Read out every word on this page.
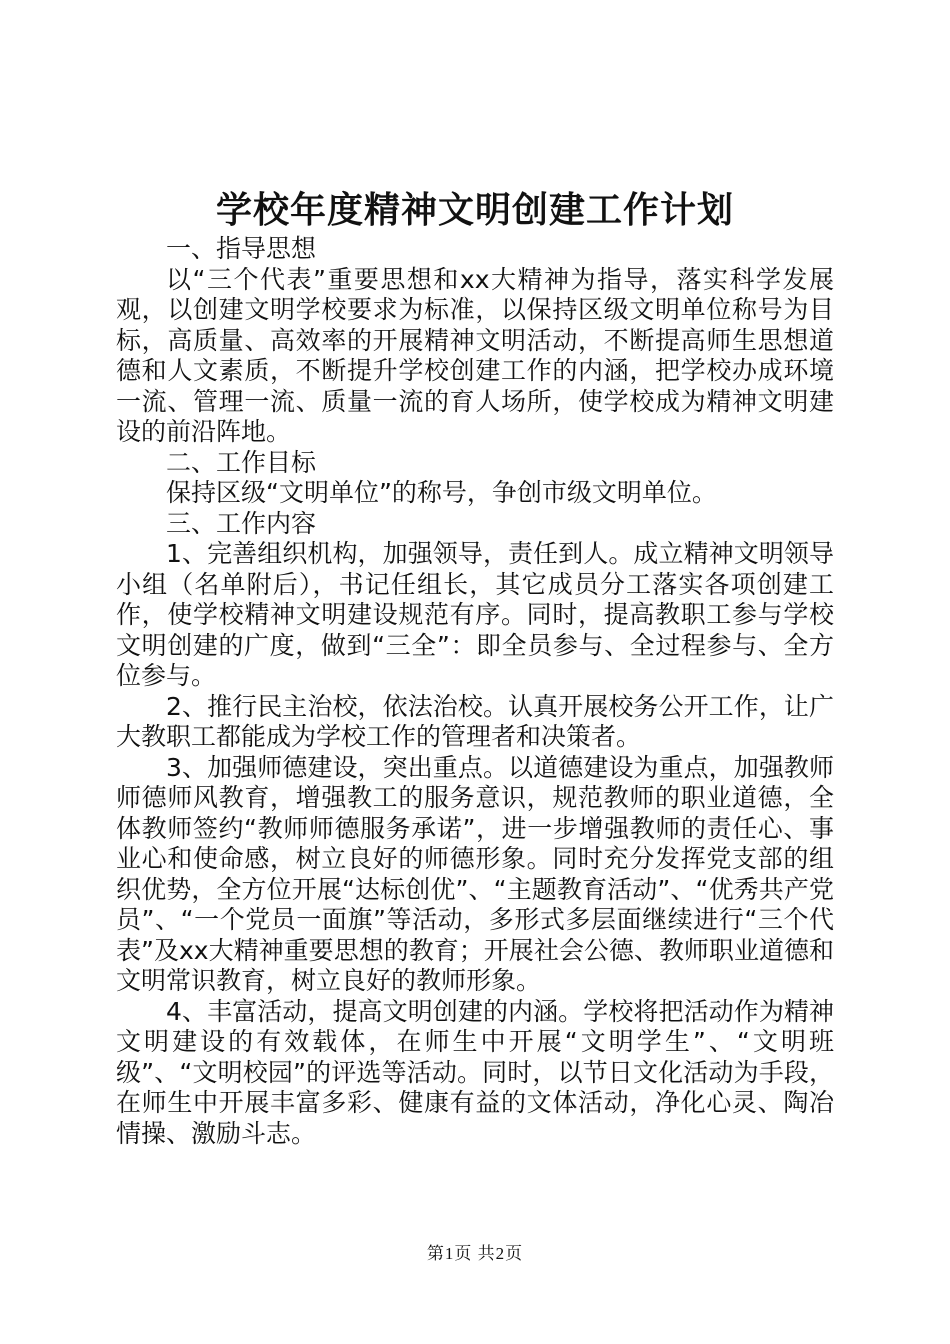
学校年度精神文明创建工作计划

一、指导思想

以“三个代表”重要思想和xx大精神为指导，落实科学发展观，以创建文明学校要求为标准，以保持区级文明单位称号为目标，高质量、高效率的开展精神文明活动，不断提高师生思想道德和人文素质，不断提升学校创建工作的内涵，把学校办成环境一流、管理一流、质量一流的育人场所，使学校成为精神文明建设的前沿阵地。

二、工作目标

保持区级“文明单位”的称号，争创市级文明单位。

三、工作内容

1、完善组织机构，加强领导，责任到人。成立精神文明领导小组（名单附后），书记任组长，其它成员分工落实各项创建工作，使学校精神文明建设规范有序。同时，提高教职工参与学校文明创建的广度，做到“三全”：即全员参与、全过程参与、全方位参与。

2、推行民主治校，依法治校。认真开展校务公开工作，让广大教职工都能成为学校工作的管理者和决策者。

3、加强师德建设，突出重点。以道德建设为重点，加强教师师德师风教育，增强教工的服务意识，规范教师的职业道德，全体教师签约“教师师德服务承诺”，进一步增强教师的责任心、事业心和使命感，树立良好的师德形象。同时充分发挥党支部的组织优势，全方位开展“达标创优”、“主题教育活动”、“优秀共产党员”、“一个党员一面旗”等活动，多形式多层面继续进行“三个代表”及xx大精神重要思想的教育；开展社会公德、教师职业道德和文明常识教育，树立良好的教师形象。

4、丰富活动，提高文明创建的内涵。学校将把活动作为精神文明建设的有效载体，在师生中开展“文明学生”、“文明班级”、“文明校园”的评选等活动。同时，以节日文化活动为手段，在师生中开展丰富多彩、健康有益的文体活动，净化心灵、陶冶情操、激励斗志。

第1页 共2页
